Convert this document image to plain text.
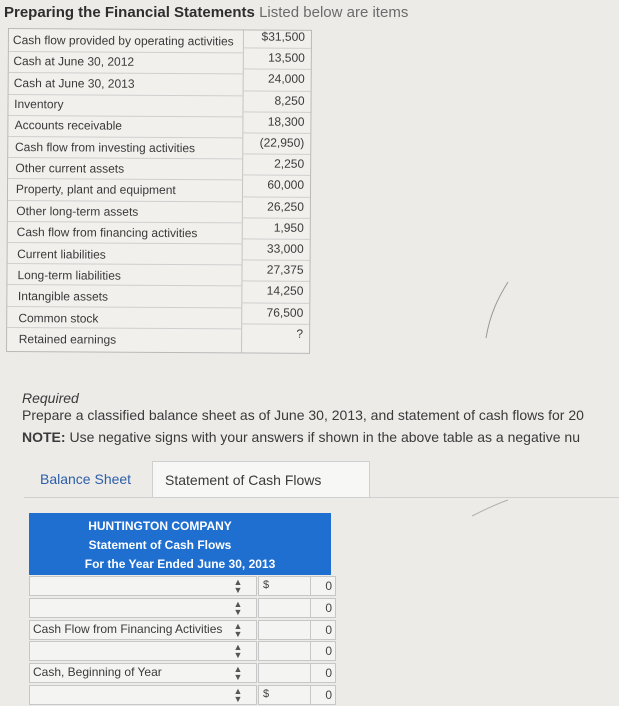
Preparing the Financial Statements Listed below are items
Cash flow provided by operating activities
Cash at June 30, 2012
Cash at June 30, 2013
Inventory
Accounts receivable
Cash flow from investing activities
Other current assets
Property, plant and equipment
Other long-term assets
Cash flow from financing activities
Current liabilities
Long-term liabilities
Intangible assets
Common stock
Retained earnings
$31,500
13,500
24,000
8,250
18,300
(22,950)
2,250
60,000
26,250
1,950
33,000
27,375
14,250
76,500
?
Required
Prepare a classified balance sheet as of June 30, 2013, and statement of cash flows for 20
NOTE: Use negative signs with your answers if shown in the above table as a negative nu
Balance Sheet	Statement of Cash Flows
HUNTINGTON COMPANY
Statement of Cash Flows
For the Year Ended June 30, 2013
▲
▼ $
▲
▼
Cash Flow from Financing Activities ▲
▼
▲
▼
Cash, Beginning of Year	▲
▼
▲
▼ $
0
0
0
0
0
0
